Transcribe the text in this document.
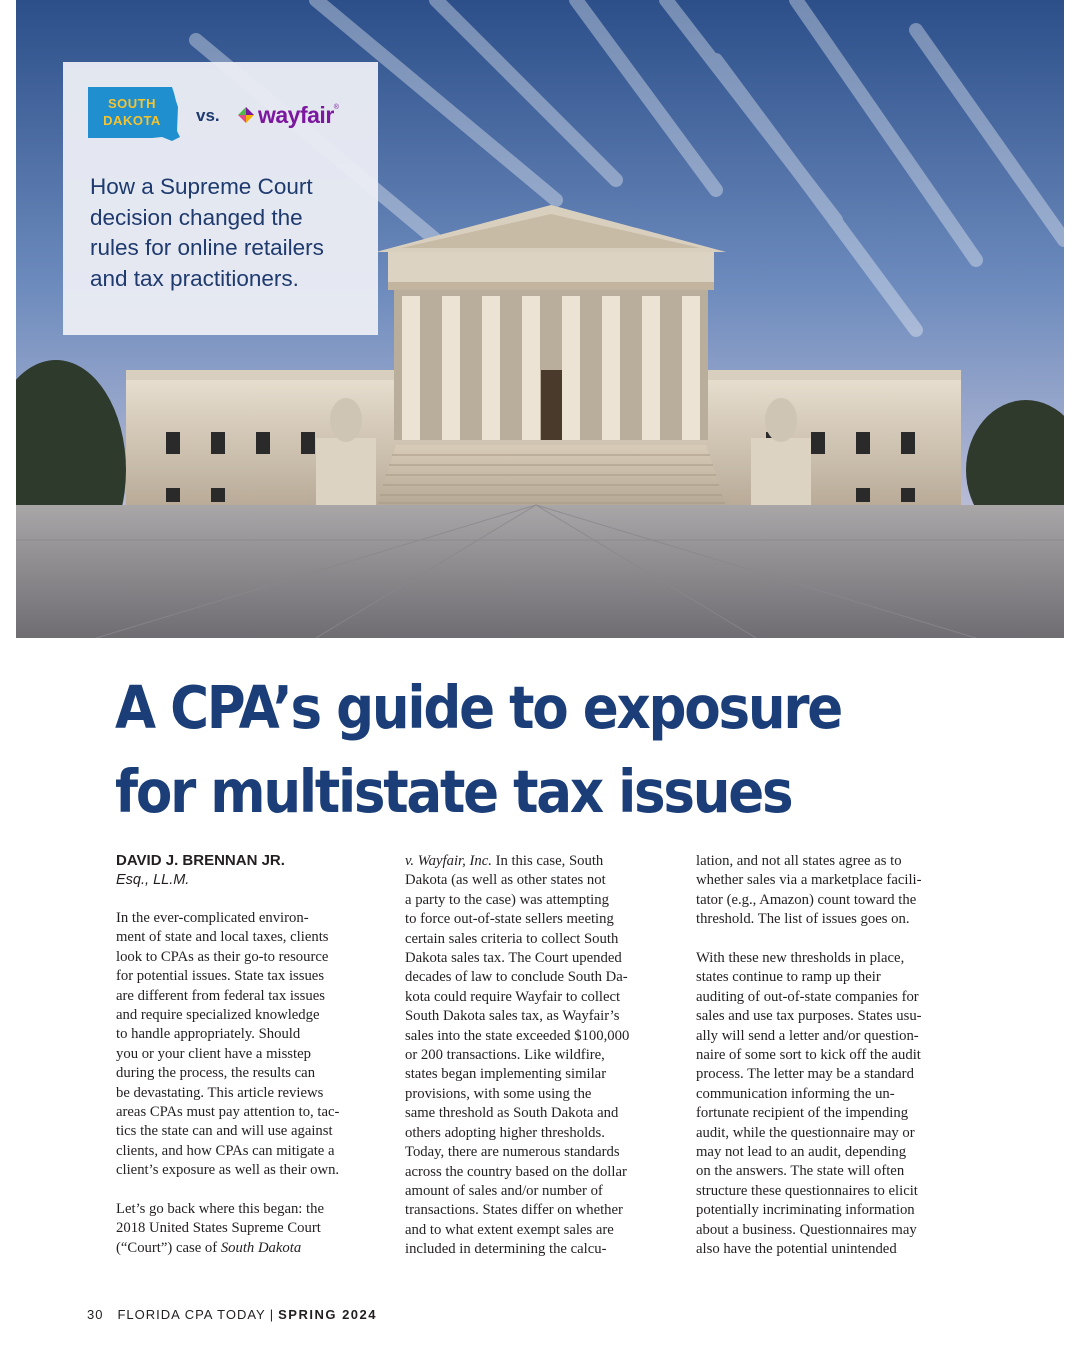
SOUTH
DAKOTA	vs. wayfair ®
How a Supreme Court
decision changed the
rules for online retailers
and tax practitioners.
A CPA’s guide to exposure
for multistate tax issues
DAVID J. BRENNAN JR.
Esq., LL.M.

In the ever-complicated environ-
ment of state and local taxes, clients
look to CPAs as their go-to resource
for potential issues. State tax issues
are different from federal tax issues
and require specialized knowledge
to handle appropriately. Should
you or your client have a misstep
during the process, the results can
be devastating. This article reviews
areas CPAs must pay attention to, tac-
tics the state can and will use against
clients, and how CPAs can mitigate a
client’s exposure as well as their own.

Let’s go back where this began: the
2018 United States Supreme Court
(“Court”) case of South Dakota

v. Wayfair, Inc. In this case, South
Dakota (as well as other states not
a party to the case) was attempting
to force out-of-state sellers meeting
certain sales criteria to collect South
Dakota sales tax. The Court upended
decades of law to conclude South Da-
kota could require Wayfair to collect
South Dakota sales tax, as Wayfair’s
sales into the state exceeded $100,000
or 200 transactions. Like wildfire,
states began implementing similar
provisions, with some using the
same threshold as South Dakota and
others adopting higher thresholds.
Today, there are numerous standards
across the country based on the dollar
amount of sales and/or number of
transactions. States differ on whether
and to what extent exempt sales are
included in determining the calcu-

lation, and not all states agree as to
whether sales via a marketplace facili-
tator (e.g., Amazon) count toward the
threshold. The list of issues goes on.

With these new thresholds in place,
states continue to ramp up their
auditing of out-of-state companies for
sales and use tax purposes. States usu-
ally will send a letter and/or question-
naire of some sort to kick off the audit
process. The letter may be a standard
communication informing the un-
fortunate recipient of the impending
audit, while the questionnaire may or
may not lead to an audit, depending
on the answers. The state will often
structure these questionnaires to elicit
potentially incriminating information
about a business. Questionnaires may
also have the potential unintended

30 FLORIDA CPA TODAY | SPRING 2024
